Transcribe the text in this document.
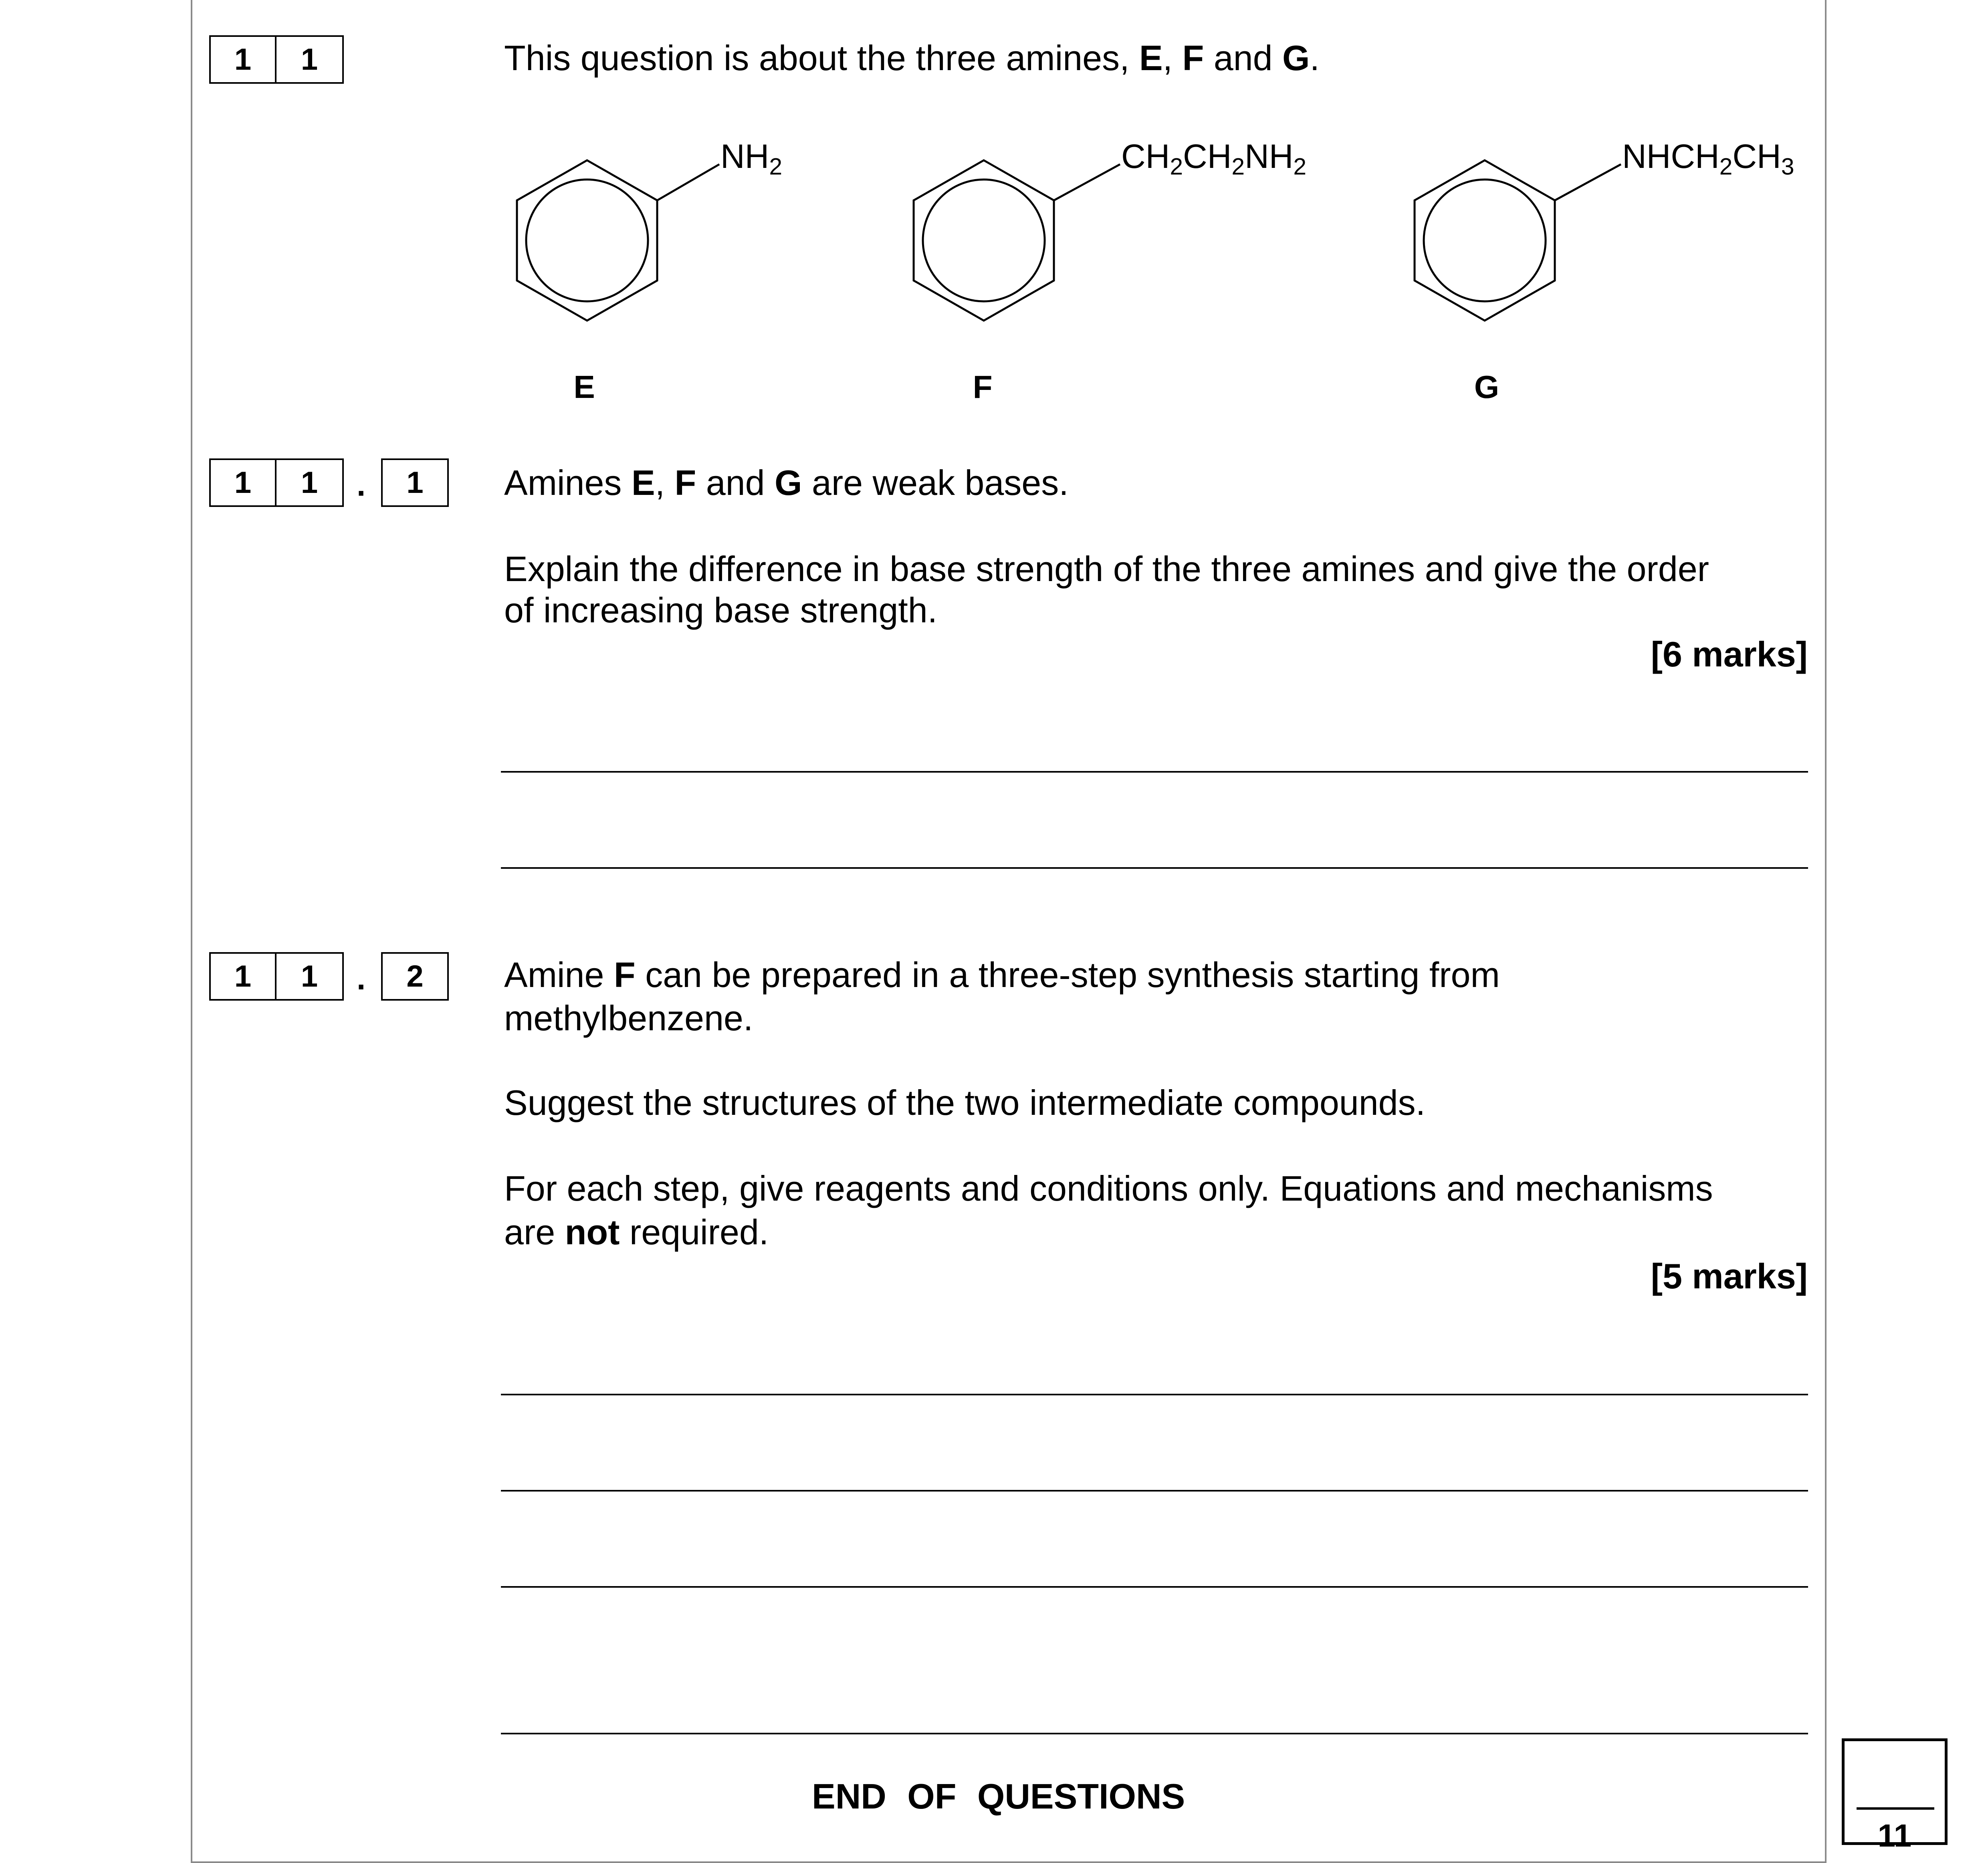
1 1	This question is about the three amines, E, F and G.
$NH_2$	$CH_2CH_2NH_2$	$NHCH_2CH_3$
E	F	G
1 1 . 1 Amines E, F and G are weak bases.
Explain the difference in base strength of the three amines and give the order
of increasing base strength.
[6 marks]
1 1 . 2 Amine F can be prepared in a three-step synthesis starting from
methylbenzene.
Suggest the structures of the two intermediate compounds.
For each step, give reagents and conditions only. Equations and mechanisms
are not required.
[5 marks]
END OF QUESTIONS
11
